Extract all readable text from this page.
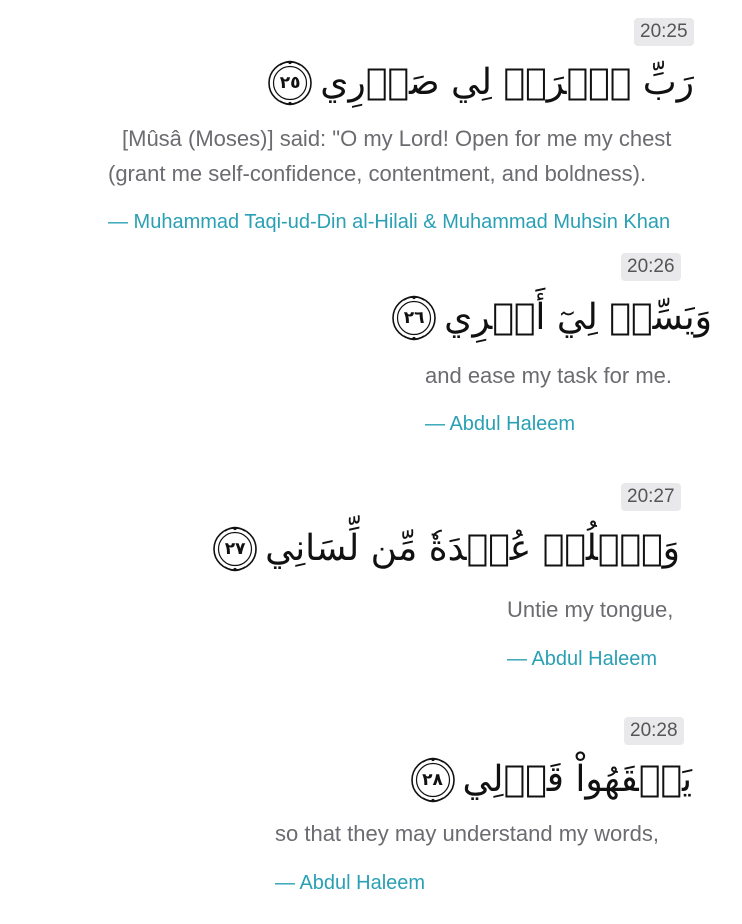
20:25
رَبِّ ٱشۡرَحۡ لِي صَدۡرِي
٢٥
[Mûsâ (Moses)] said: "O my Lord! Open for me my chest
(grant me self-confidence, contentment, and boldness).
— Muhammad Taqi-ud-Din al-Hilali & Muhammad Muhsin Khan
20:26
وَيَسِّرۡ لِيٓ أَمۡرِي
٢٦
and ease my task for me.
— Abdul Haleem
20:27
وَٱحۡلُلۡ عُقۡدَةٗ مِّن لِّسَانِي
٢٧
Untie my tongue,
— Abdul Haleem
20:28
يَفۡقَهُواْ قَوۡلِي
٢٨
so that they may understand my words,
— Abdul Haleem
